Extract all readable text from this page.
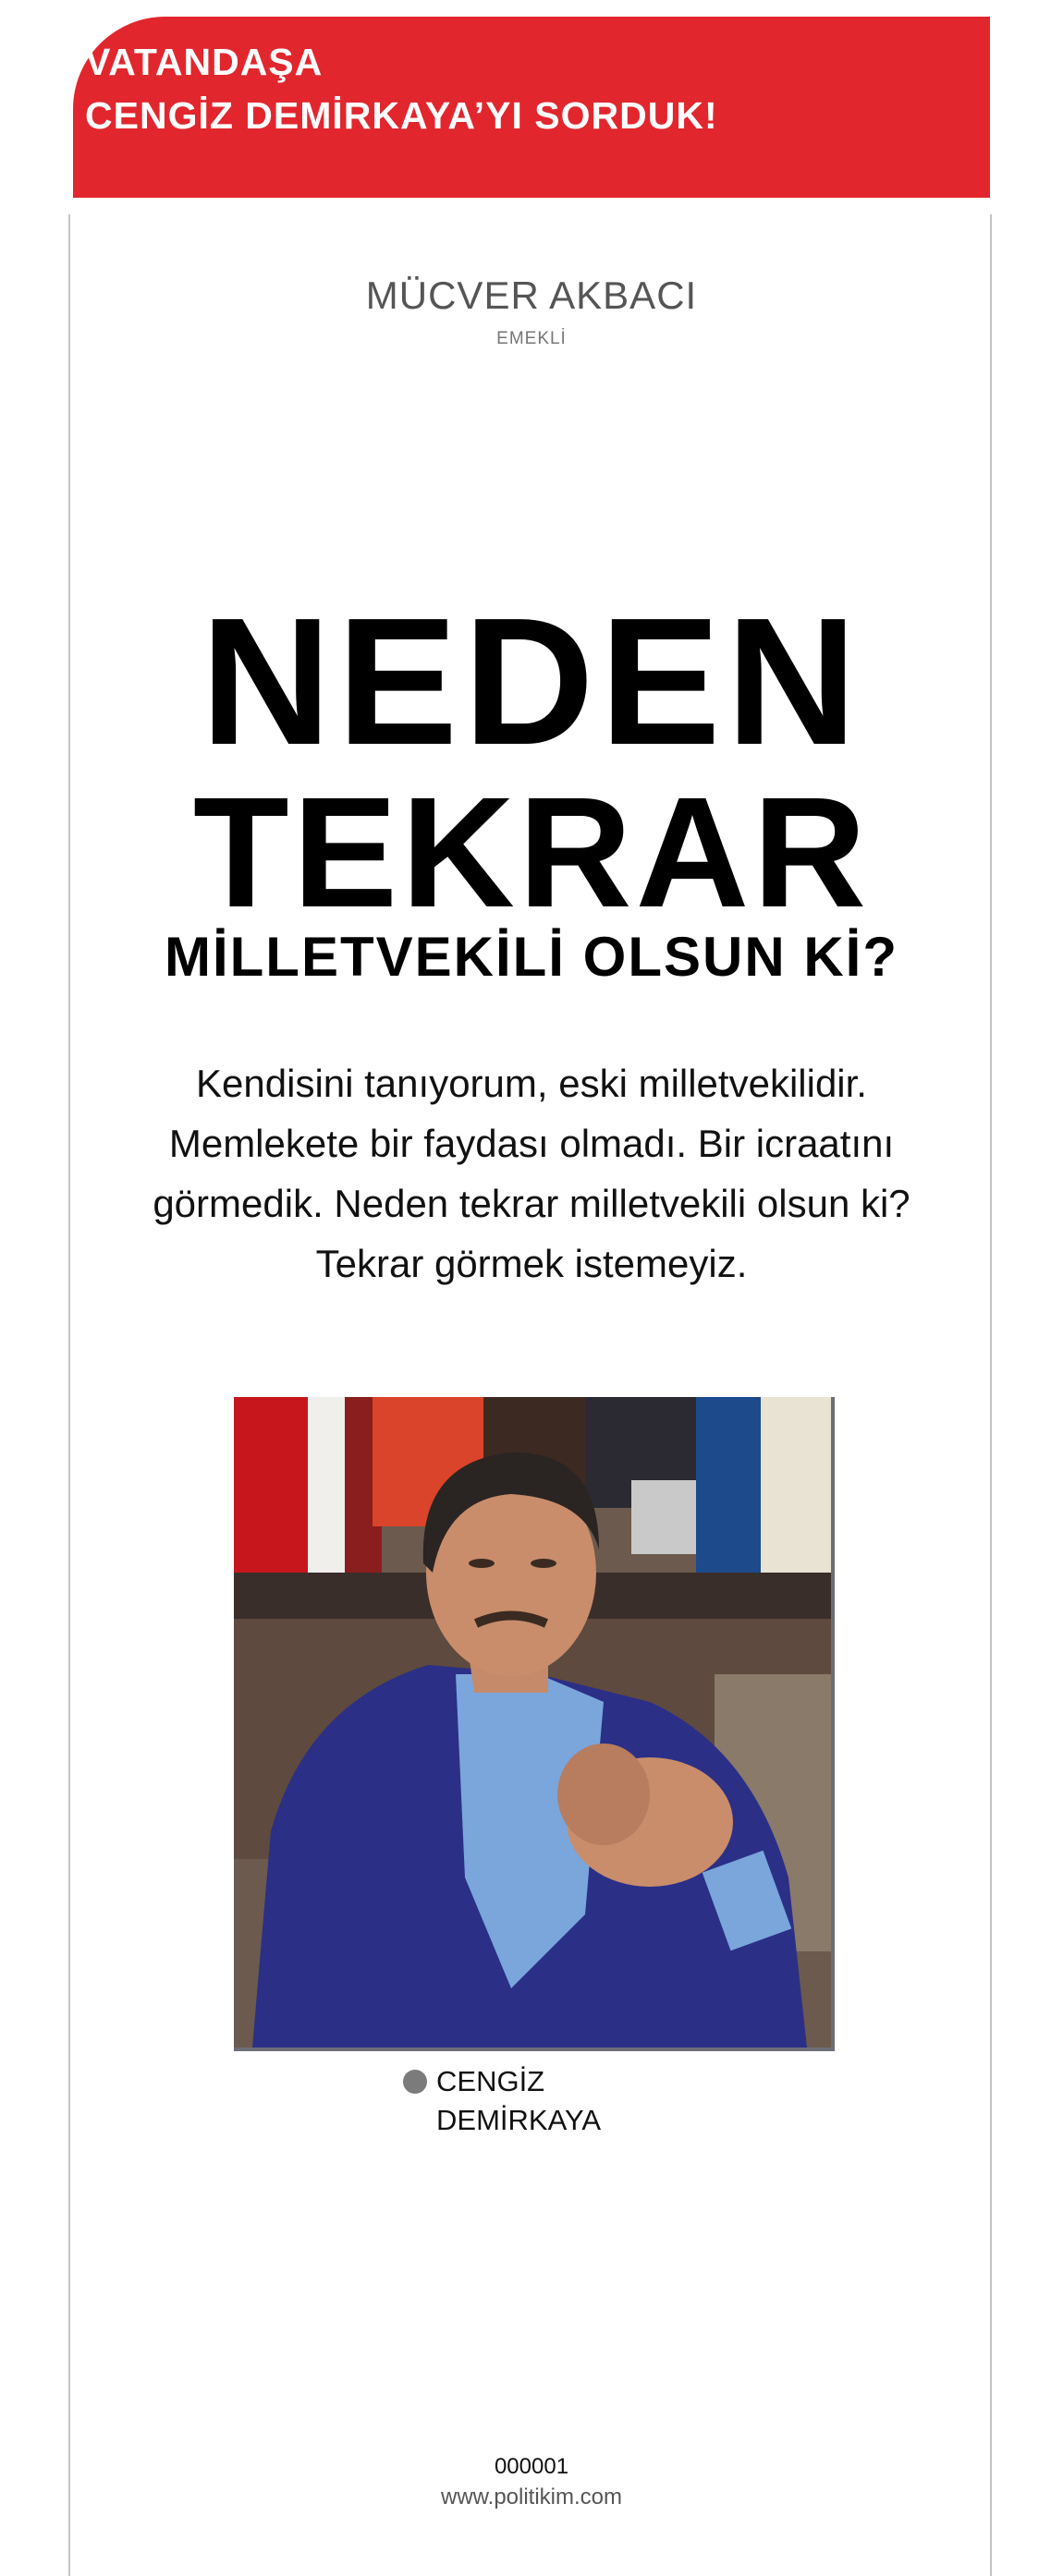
VATANDAŞA
CENGİZ DEMİRKAYA’YI SORDUK!
MÜCVER AKBACI
EMEKLİ
NEDEN
TEKRAR
MİLLETVEKİLİ OLSUN Kİ?
Kendisini tanıyorum, eski milletvekilidir. Memlekete bir faydası olmadı. Bir icraatını görmedik. Neden tekrar milletvekili olsun ki? Tekrar görmek istemeyiz.
CENGİZ
DEMİRKAYA
000001
www.politikim.com
